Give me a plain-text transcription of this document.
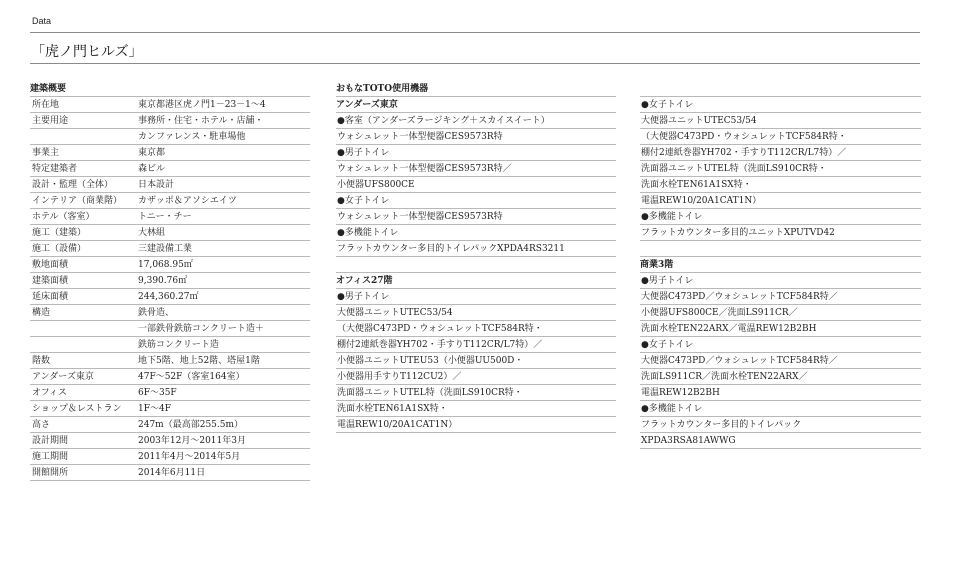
Data
「虎ノ門ヒルズ」
建築概要
所在地	東京都港区虎ノ門1－23－1～4
主要用途	事務所・住宅・ホテル・店舗・
カンファレンス・駐車場他
事業主	東京都
特定建築者	森ビル
設計・監理（全体）	日本設計
インテリア（商業階） カザッポ＆アソシエイツ
ホテル（客室）	トニー・チー
施工（建築）	大林組
施工（設備）	三建設備工業
敷地面積	17,068.95㎡
建築面積	9,390.76㎡
延床面積	244,360.27㎡
構造	鉄骨造、
一部鉄骨鉄筋コンクリート造＋
鉄筋コンクリート造
階数	地下5階、地上52階、塔屋1階
アンダーズ東京	47F～52F（客室164室）
オフィス	6F～35F
ショップ＆レストラン 1F～4F
高さ	247m（最高部255.5m）
設計期間	2003年12月～2011年3月
施工期間	2011年4月～2014年5月
開館開所	2014年6月11日
おもなTOTO使用機器
アンダーズ東京
●客室（アンダーズラージキング＋スカイスイート）
ウォシュレット一体型便器CES9573R特
●男子トイレ
ウォシュレット一体型便器CES9573R特／
小便器UFS800CE
●女子トイレ
ウォシュレット一体型便器CES9573R特
●多機能トイレ
フラットカウンター多目的トイレパックXPDA4RS3211
オフィス27階
●男子トイレ
大便器ユニットUTEC53/54
（大便器C473PD・ウォシュレットTCF584R特・
棚付2連紙巻器YH702・手すりT112CR/L7特）／
小便器ユニットUTEU53（小便器UU500D・
小便器用手すりT112CU2）／
洗面器ユニットUTEL特（洗面LS910CR特・
洗面水栓TEN61A1SX特・
電温REW10/20A1CAT1N）
●女子トイレ
大便器ユニットUTEC53/54
（大便器C473PD・ウォシュレットTCF584R特・
棚付2連紙巻器YH702・手すりT112CR/L7特）／
洗面器ユニットUTEL特（洗面LS910CR特・
洗面水栓TEN61A1SX特・
電温REW10/20A1CAT1N）
●多機能トイレ
フラットカウンター多目的ユニットXPUTVD42
商業3階
●男子トイレ
大便器C473PD／ウォシュレットTCF584R特／
小便器UFS800CE／洗面LS911CR／
洗面水栓TEN22ARX／電温REW12B2BH
●女子トイレ
大便器C473PD／ウォシュレットTCF584R特／
洗面LS911CR／洗面水栓TEN22ARX／
電温REW12B2BH
●多機能トイレ
フラットカウンター多目的トイレパック
XPDA3RSA81AWWG
